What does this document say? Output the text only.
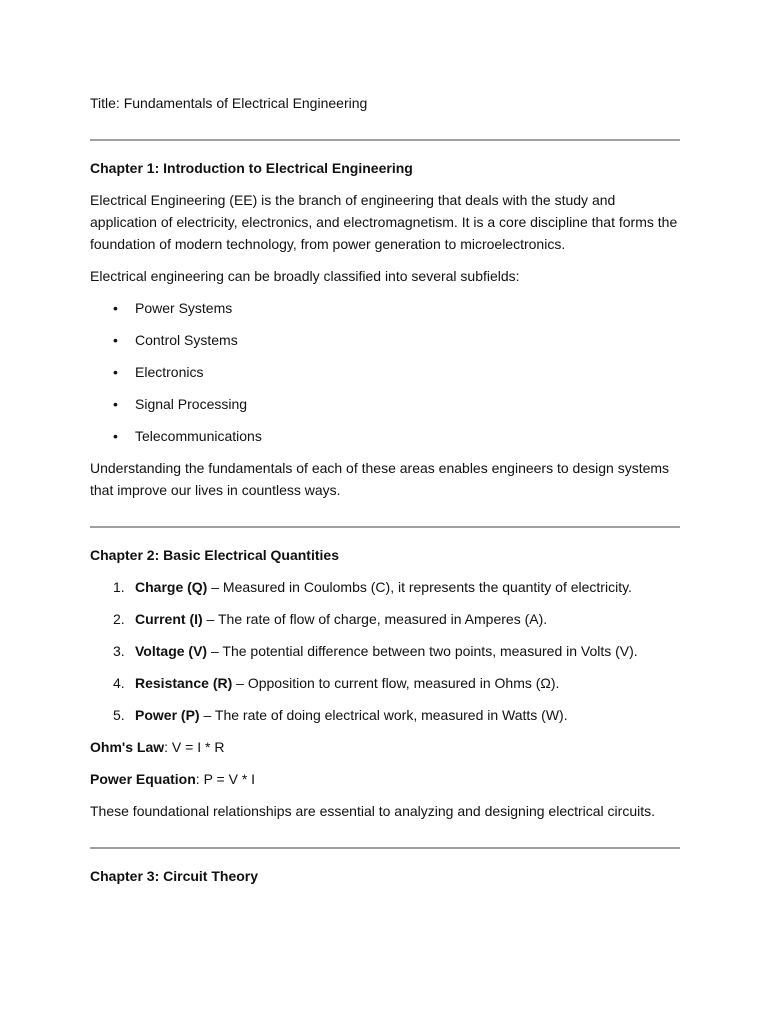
Title: Fundamentals of Electrical Engineering
Chapter 1: Introduction to Electrical Engineering

Electrical Engineering (EE) is the branch of engineering that deals with the study and application of electricity, electronics, and electromagnetism. It is a core discipline that forms the foundation of modern technology, from power generation to microelectronics.

Electrical engineering can be broadly classified into several subfields:

• Power Systems
• Control Systems
• Electronics
• Signal Processing
• Telecommunications

Understanding the fundamentals of each of these areas enables engineers to design systems that improve our lives in countless ways.

Chapter 2: Basic Electrical Quantities
1. Charge (Q) – Measured in Coulombs (C), it represents the quantity of electricity.
2. Current (I) – The rate of flow of charge, measured in Amperes (A).
3. Voltage (V) – The potential difference between two points, measured in Volts (V).
4. Resistance (R) – Opposition to current flow, measured in Ohms (Ω).
5. Power (P) – The rate of doing electrical work, measured in Watts (W).

Ohm's Law: V = I * R

Power Equation: P = V * I

These foundational relationships are essential to analyzing and designing electrical circuits.

Chapter 3: Circuit Theory
